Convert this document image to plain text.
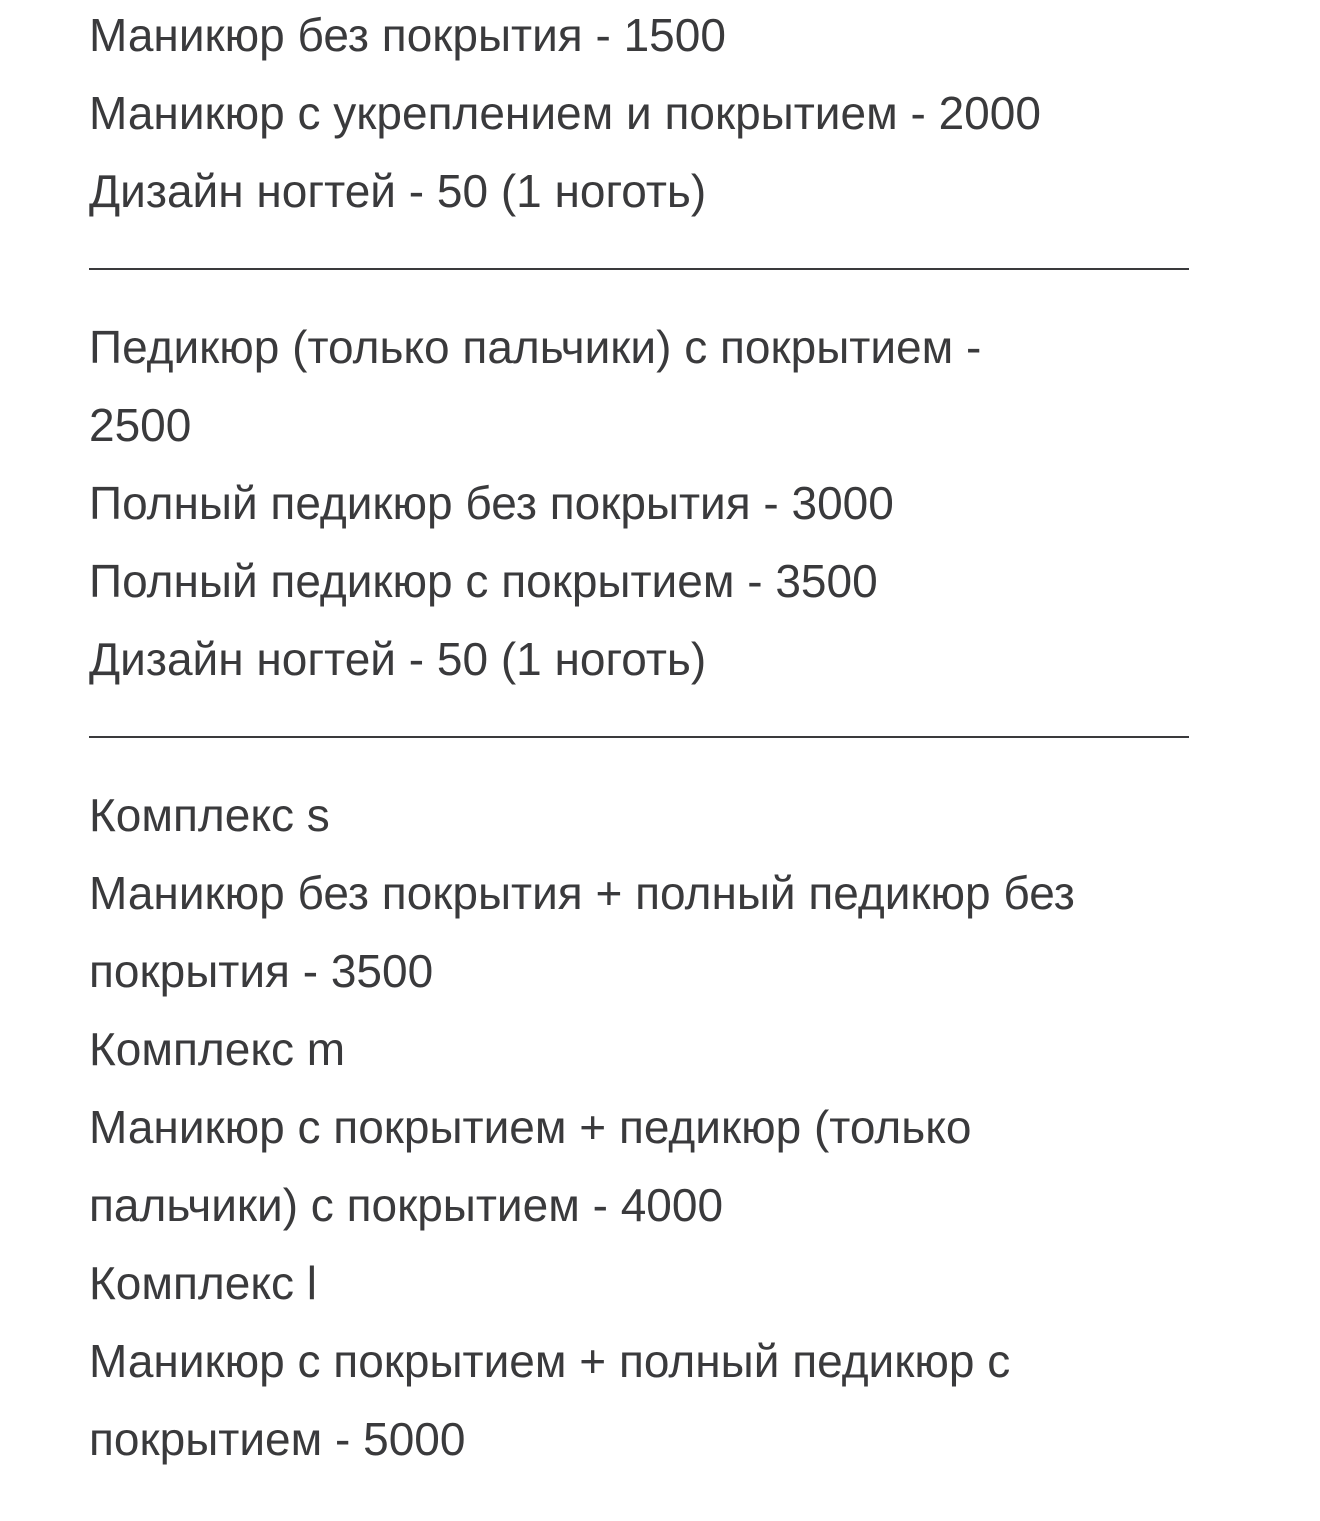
Маникюр без покрытия - 1500
Маникюр с укреплением и покрытием - 2000
Дизайн ногтей - 50 (1 ноготь)
Педикюр (только пальчики) с покрытием -
2500
Полный педикюр без покрытия - 3000
Полный педикюр с покрытием - 3500
Дизайн ногтей - 50 (1 ноготь)
Комплекс s
Маникюр без покрытия + полный педикюр без
покрытия - 3500
Комплекс m
Маникюр с покрытием + педикюр (только
пальчики) с покрытием - 4000
Комплекс l
Маникюр с покрытием + полный педикюр с
покрытием - 5000
